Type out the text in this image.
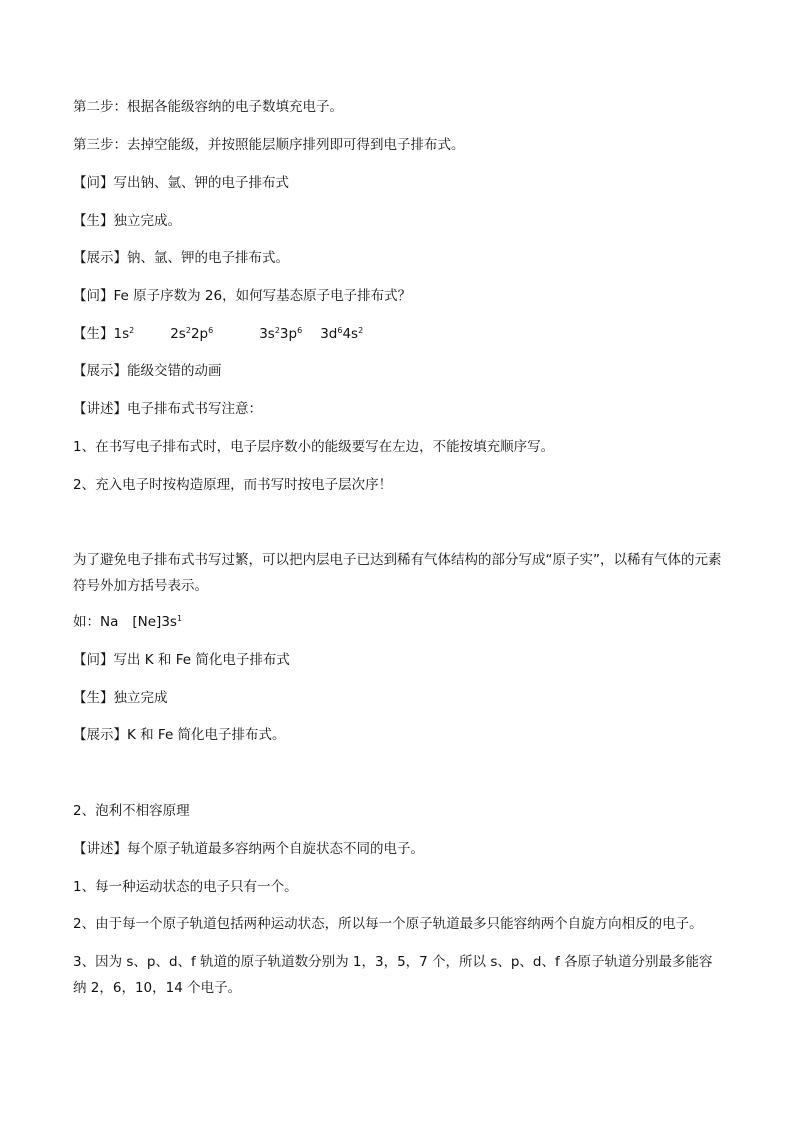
第二步：根据各能级容纳的电子数填充电子。
第三步：去掉空能级，并按照能层顺序排列即可得到电子排布式。
【问】写出钠、氩、钾的电子排布式
【生】独立完成。
【展示】钠、氩、钾的电子排布式。
【问】Fe 原子序数为 26，如何写基态原子电子排布式？
【生】$1s^2$	$2s^22p^6$	$3s^23p^6$ $3d^64s^2$
【展示】能级交错的动画
【讲述】电子排布式书写注意：
1、在书写电子排布式时，电子层序数小的能级要写在左边，不能按填充顺序写。
2、充入电子时按构造原理，而书写时按电子层次序！
为了避免电子排布式书写过繁，可以把内层电子已达到稀有气体结构的部分写成“原子实”，以稀有气体的元素符号外加方括号表示。
如：Na $[Ne]3s^1$
【问】写出 K 和 Fe 简化电子排布式
【生】独立完成
【展示】K 和 Fe 简化电子排布式。
2、泡利不相容原理
【讲述】每个原子轨道最多容纳两个自旋状态不同的电子。
1、每一种运动状态的电子只有一个。
2、由于每一个原子轨道包括两种运动状态，所以每一个原子轨道最多只能容纳两个自旋方向相反的电子。
3、因为 s、p、d、f 轨道的原子轨道数分别为 1，3，5，7 个，所以 s、p、d、f 各原子轨道分别最多能容纳 2，6，10，14 个电子。
